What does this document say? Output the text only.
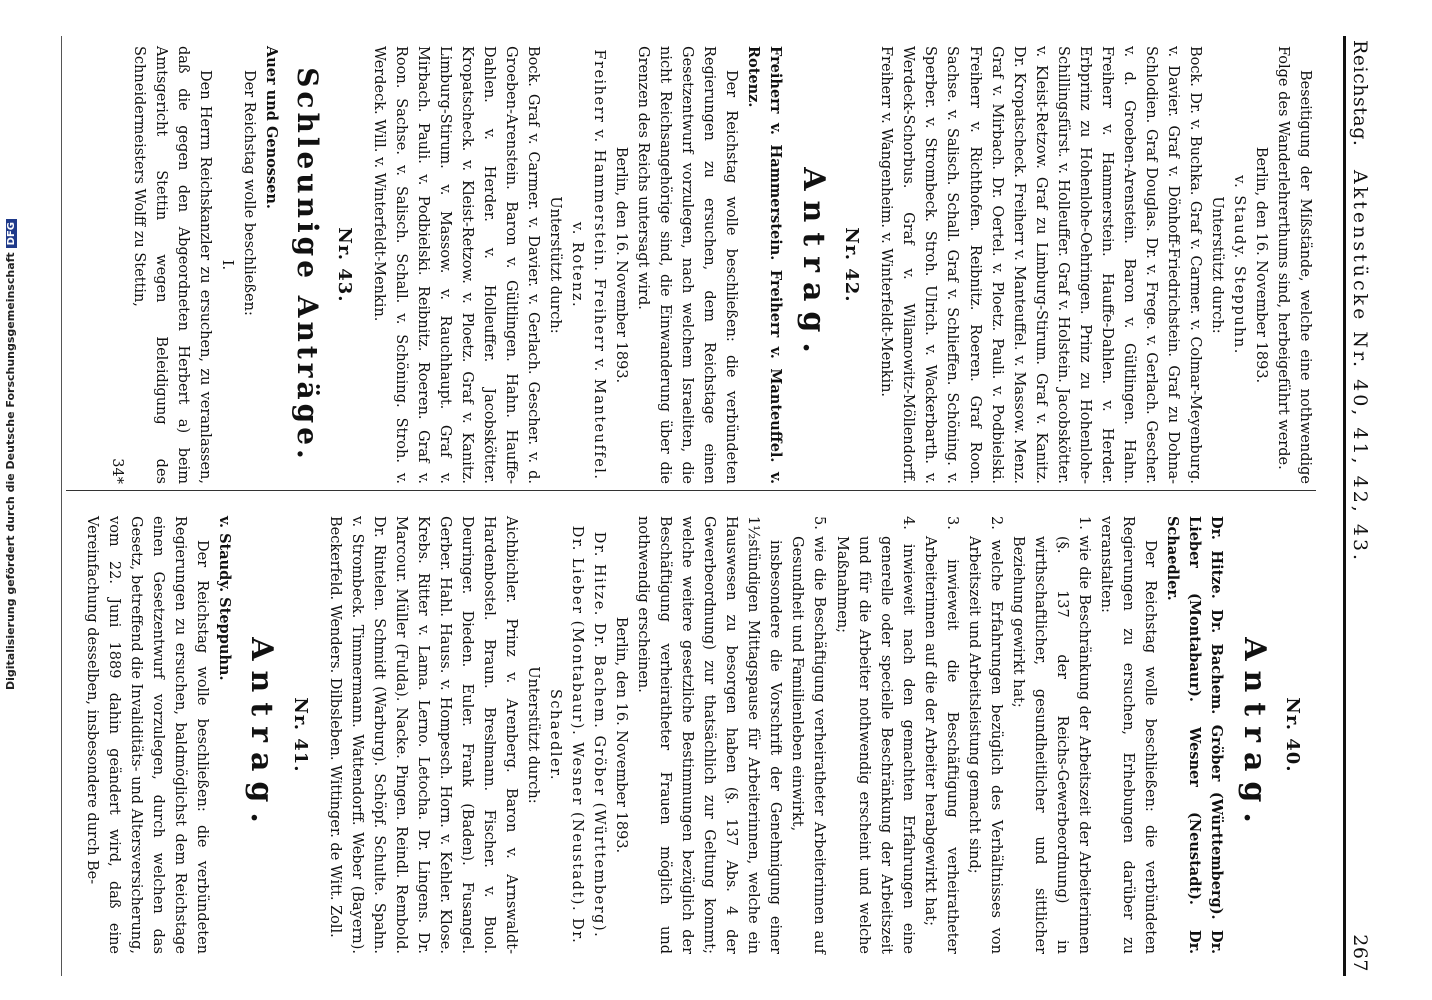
Reichstag.
Aktenstücke Nr. 40, 41, 42, 43.
267

Beseitigung der Mißstände, welche eine nothwendige Folge des Wanderlehrerthums sind, herbeigeführt werde.

Berlin, den 16. November 1893.

v. Staudy. Steppuhn.

Unterstützt durch:

Bock. Dr. v. Buchka. Graf v. Carmer. v. Colmar-Meyenburg. v. Davier. Graf v. Dönhoff-Friedrichstein. Graf zu Dohna-Schlodien. Graf Douglas. Dr. v. Frege. v. Gerlach. Gescher. v. d. Groeben-Arenstein. Baron v. Gültlingen. Hahn. Freiherr v. Hammerstein. Hauffe-Dahlen. v. Herder. Erbprinz zu Hohenlohe-Oehringen. Prinz zu Hohenlohe-Schillingsfürst. v. Holleuffer. Graf v. Holstein. Jacobskötter. v. Kleist-Retzow. Graf zu Limburg-Stirum. Graf v. Kanitz. Dr. Kropatscheck. Freiherr v. Manteuffel. v. Massow. Menz. Graf v. Mirbach. Dr. Oertel. v. Ploetz. Pauli. v. Podbielski. Freiherr v. Richthofen. Reibnitz. Roeren. Graf Roon. Sachse. v. Salisch. Schall. Graf v. Schlieffen. Schöning. v. Sperber. v. Strombeck. Stroh. Ulrich. v. Wackerbarth. v. Werdeck-Schorbus. Graf v. Wilamowitz-Möllendorff. Freiherr v. Wangenheim. v. Winterfeldt-Menkin.

Nr. 42.
Antrag.

Freiherr v. Hammerstein. Freiherr v. Manteuffel. v. Rotenz.

Der Reichstag wolle beschließen: die verbündeten Regierungen zu ersuchen, dem Reichstage einen Gesetzentwurf vorzulegen, nach welchem Israeliten, die nicht Reichsangehörige sind, die Einwanderung über die Grenzen des Reichs untersagt wird.

Berlin, den 16. November 1893.

Freiherr v. Hammerstein. Freiherr v. Manteuffel. v. Rotenz.

Unterstützt durch:

Bock. Graf v. Carmer. v. Davier. v. Gerlach. Gescher. v. d. Groeben-Arenstein. Baron v. Gültlingen. Hahn. Hauffe-Dahlen. v. Herder. v. Holleuffer. Jacobskötter. Kropatscheck. v. Kleist-Retzow. v. Ploetz. Graf v. Kanitz. Limburg-Stirum. v. Massow. v. Rauchhaupt. Graf v. Mirbach. Pauli. v. Podbielski. Reibnitz. Roeren. Graf v. Roon. Sachse. v. Salisch. Schall. v. Schöning. Stroh. v. Werdeck. Will. v. Winterfeldt-Menkin.

Nr. 43.
Schleunige Anträge.

Auer und Genossen.

Der Reichstag wolle beschließen:

I.

Den Herrn Reichskanzler zu ersuchen, zu veranlassen, daß die gegen den Abgeordneten Herbert a) beim Amtsgericht Stettin wegen Beleidigung des Schneidermeisters Wolff zu Stettin,

34*

Nr. 40.
Antrag.

Dr. Hitze. Dr. Bachem. Gröber (Württemberg). Dr. Lieber (Montabaur). Wesner (Neustadt). Dr. Schaedler.

Der Reichstag wolle beschließen: die verbündeten Regierungen zu ersuchen, Erhebungen darüber zu veranstalten:

1. wie die Beschränkung der Arbeitszeit der Arbeiterinnen (§. 137 der Reichs-Gewerbeordnung) in wirthschaftlicher, gesundheitlicher und sittlicher Beziehung gewirkt hat;

2. welche Erfahrungen bezüglich des Verhältnisses von Arbeitszeit und Arbeitsleistung gemacht sind;

3. inwieweit die Beschäftigung verheiratheter Arbeiterinnen auf die der Arbeiter herabgewirkt hat;

4. inwieweit nach den gemachten Erfahrungen eine generelle oder specielle Beschränkung der Arbeitszeit und für die Arbeiter nothwendig erscheint und welche Maßnahmen;

5. wie die Beschäftigung verheiratheter Arbeiterinnen auf Gesundheit und Familienleben einwirkt,

insbesondere die Vorschrift der Genehmigung einer 1½stündigen Mittagspause für Arbeiterinnen, welche ein Hauswesen zu besorgen haben (§. 137 Abs. 4 der Gewerbeordnung) zur thatsächlich zur Geltung kommt; welche weitere gesetzliche Bestimmungen bezüglich der Beschäftigung verheiratheter Frauen möglich und nothwendig erscheinen.

Berlin, den 16. November 1893.

Dr. Hitze. Dr. Bachem. Gröber (Württemberg). Dr. Lieber (Montabaur). Wesner (Neustadt). Dr. Schaedler.

Unterstützt durch:

Aichbichler. Prinz v. Arenberg. Baron v. Arnswaldt-Hardenbostel. Braun. Breslmann. Fischer. v. Buol. Deuringer. Dieden. Euler. Frank (Baden). Fusangel. Gerber. Hahl. Hauss. v. Hompesch. Horn. v. Kehler. Klose. Krebs. Ritter v. Lama. Lerno. Letocha. Dr. Lingens. Dr. Marcour. Müller (Fulda). Nacke. Pingen. Reindl. Rembold. Dr. Rintelen. Schmidt (Warburg). Schöpf. Schulte. Spahn. v. Strombeck. Timmermann. Wattendorff. Weber (Bayern). Beckerfeld. Wenders. Dilbsleben. Wittinger. de Witt. Zoll.

Nr. 41.
Antrag.

v. Staudy. Steppuhn.

Der Reichstag wolle beschließen: die verbündeten Regierungen zu ersuchen, baldmöglichst dem Reichstage einen Gesetzentwurf vorzulegen, durch welchen das Gesetz, betreffend die Invaliditäts- und Altersversicherung, vom 22. Juni 1889 dahin geändert wird, daß eine Vereinfachung desselben, insbesondere durch Be-

Digitalisierung gefördert durch die Deutsche ForschungsgemeinschaftDFG
